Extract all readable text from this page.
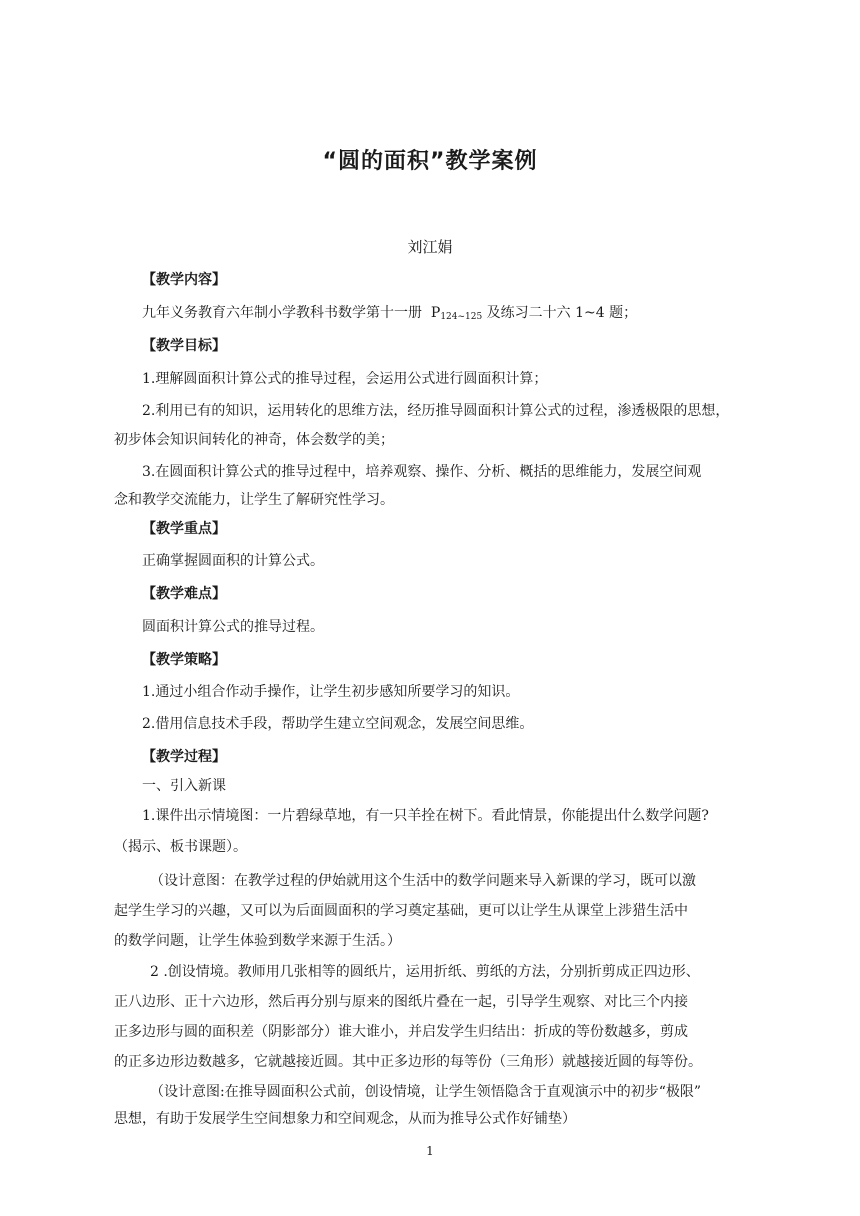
“圆的面积”教学案例
刘江娟
【教学内容】
九年义务教育六年制小学教科书数学第十一册 $P_{124\sim 125}$ 及练习二十六 1~4 题；
【教学目标】
1.理解圆面积计算公式的推导过程，会运用公式进行圆面积计算；
2.利用已有的知识，运用转化的思维方法，经历推导圆面积计算公式的过程，渗透极限的思想，
初步体会知识间转化的神奇，体会数学的美；
3.在圆面积计算公式的推导过程中，培养观察、操作、分析、概括的思维能力，发展空间观
念和教学交流能力，让学生了解研究性学习。
【教学重点】
正确掌握圆面积的计算公式。
【教学难点】
圆面积计算公式的推导过程。
【教学策略】
1.通过小组合作动手操作，让学生初步感知所要学习的知识。
2.借用信息技术手段，帮助学生建立空间观念，发展空间思维。
【教学过程】
一、引入新课
1.课件出示情境图：一片碧绿草地，有一只羊拴在树下。看此情景，你能提出什么数学问题?
（揭示、板书课题）。
（设计意图：在教学过程的伊始就用这个生活中的数学问题来导入新课的学习，既可以激
起学生学习的兴趣，又可以为后面圆面积的学习奠定基础，更可以让学生从课堂上涉猎生活中
的数学问题，让学生体验到数学来源于生活。）
2 .创设情境。教师用几张相等的圆纸片，运用折纸、剪纸的方法，分别折剪成正四边形、
正八边形、正十六边形，然后再分别与原来的图纸片叠在一起，引导学生观察、对比三个内接
正多边形与圆的面积差（阴影部分）谁大谁小，并启发学生归结出：折成的等份数越多，剪成
的正多边形边数越多，它就越接近圆。其中正多边形的每等份（三角形）就越接近圆的每等份。
（设计意图:在推导圆面积公式前，创设情境，让学生领悟隐含于直观演示中的初步“极限”
思想，有助于发展学生空间想象力和空间观念，从而为推导公式作好铺垫）
1
